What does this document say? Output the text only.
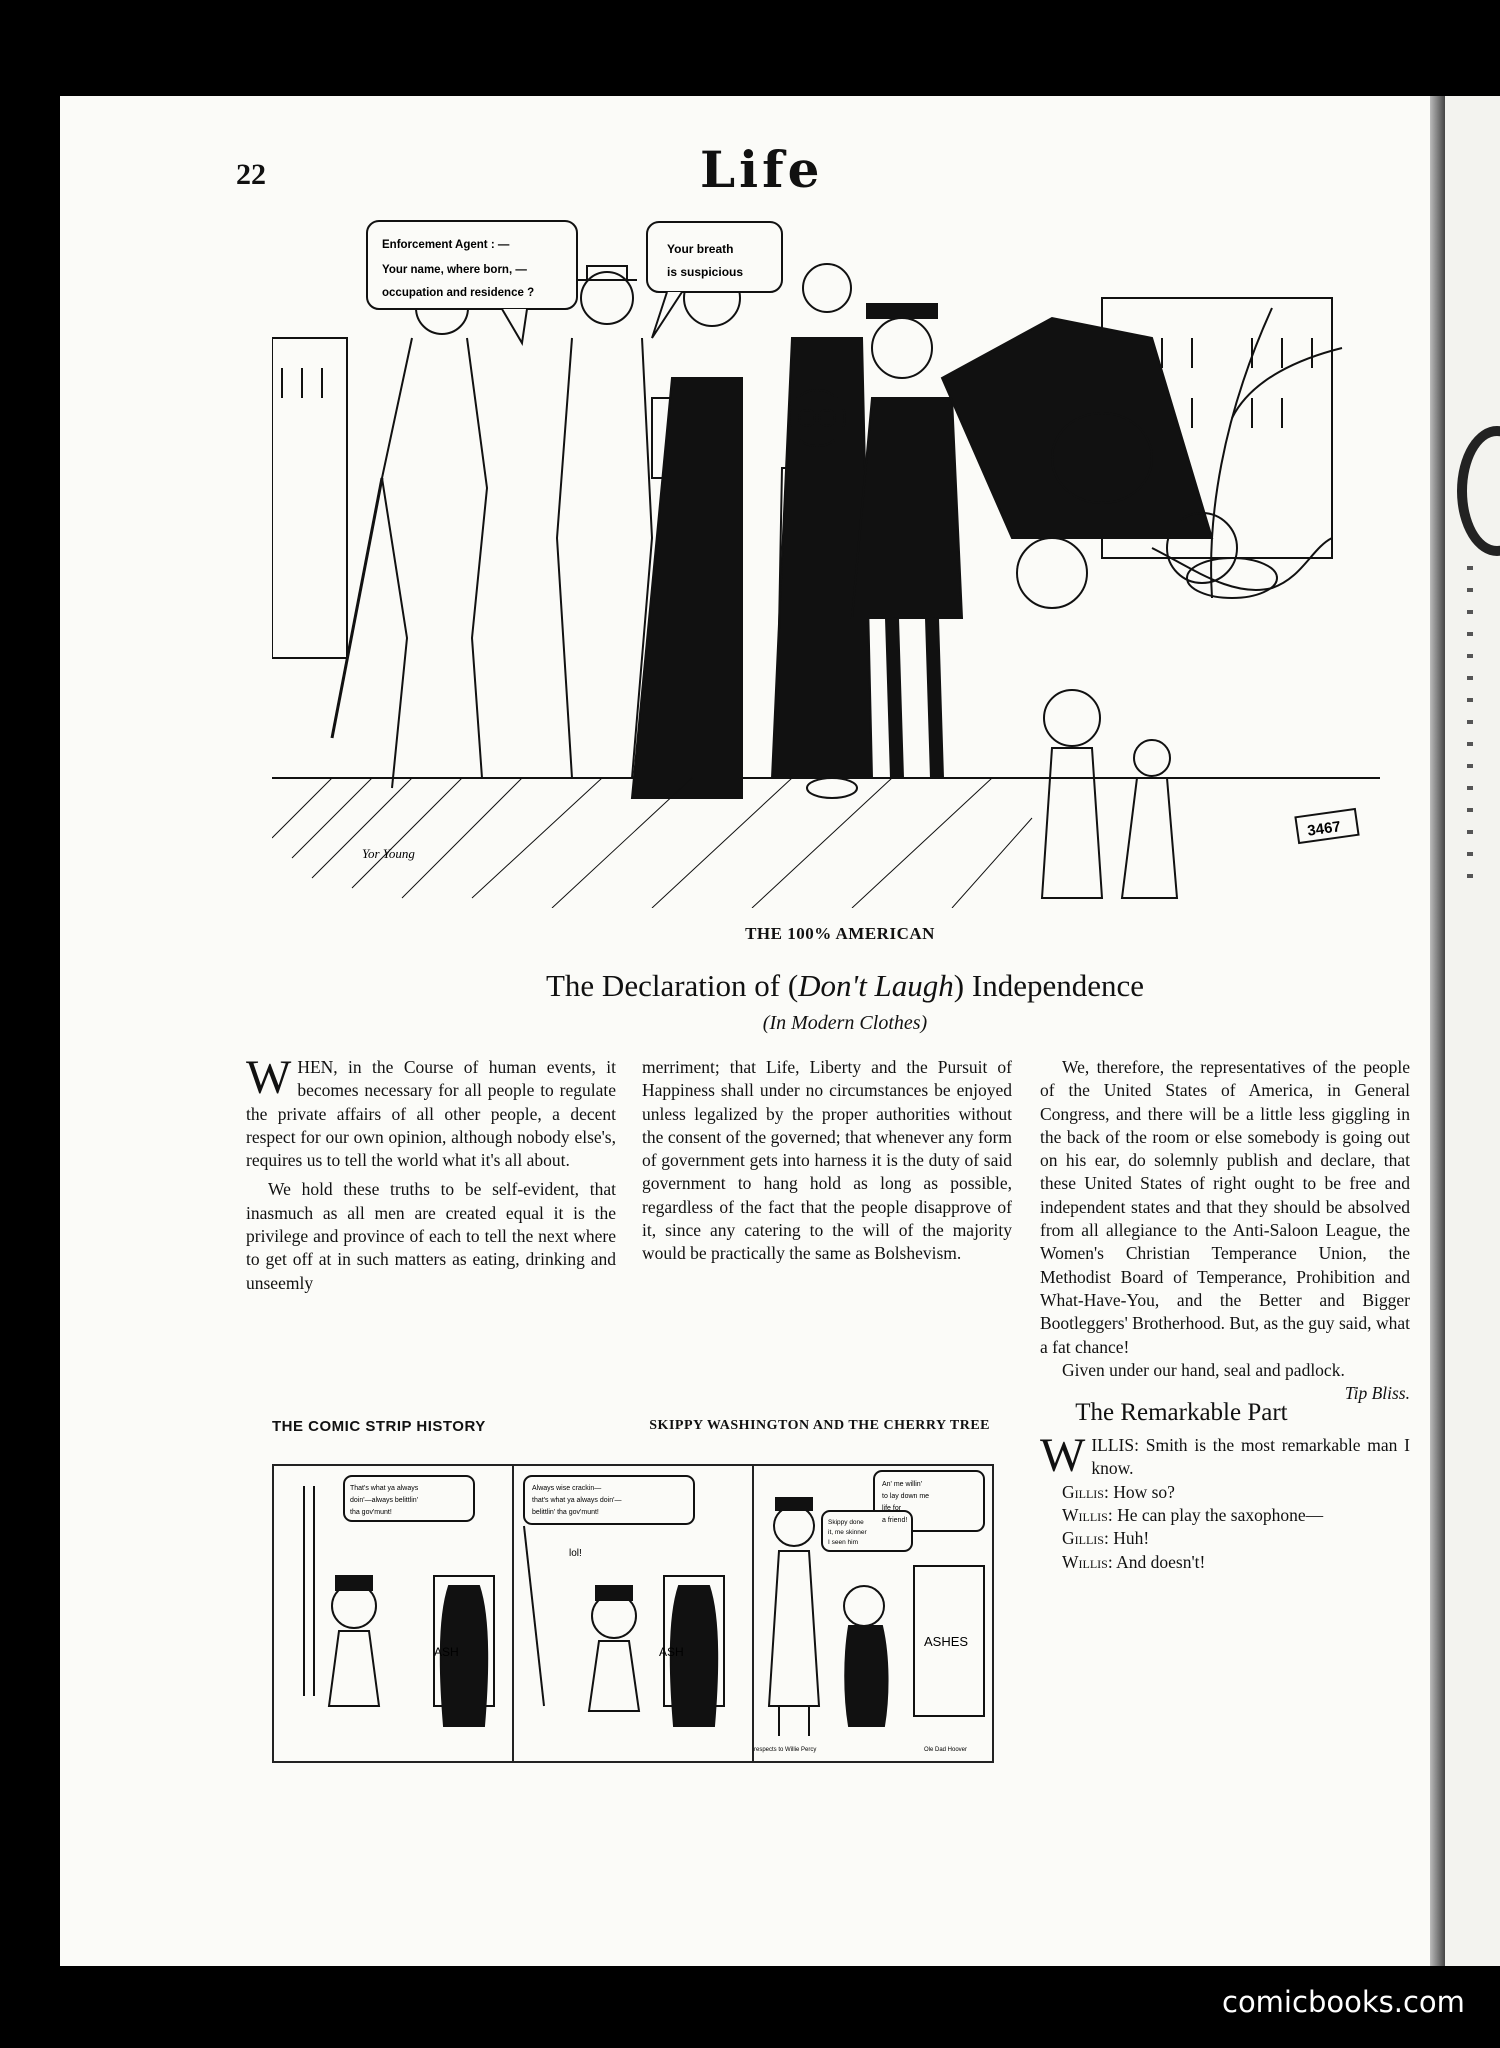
22	Life
Enforcement Agent : —
Your name, where born, —
occupation and residence ?
Your breath
is suspicious
Yor Young
3467
THE 100% AMERICAN
The Declaration of (Don't Laugh) Independence
(In Modern Clothes)

WHEN, in the Course of human events, it becomes necessary for all people to regulate the private affairs of all other people, a decent respect for our own opinion, although nobody else's, requires us to tell the world what it's all about.

We hold these truths to be self-evident, that inasmuch as all men are created equal it is the privilege and province of each to tell the next where to get off at in such matters as eating, drinking and unseemly

merriment; that Life, Liberty and the Pursuit of Happiness shall under no circumstances be enjoyed unless legalized by the proper authorities without the consent of the governed; that whenever any form of government gets into harness it is the duty of said government to hang hold as long as possible, regardless of the fact that the people disapprove of it, since any catering to the will of the majority would be practically the same as Bolshevism.

We, therefore, the representatives of the people of the United States of America, in General Congress, and there will be a little less giggling in the back of the room or else somebody is going out on his ear, do solemnly publish and declare, that these United States of right ought to be free and independent states and that they should be absolved from all allegiance to the Anti-Saloon League, the Women's Christian Temperance Union, the Methodist Board of Temperance, Prohibition and What-Have-You, and the Better and Bigger Bootleggers' Brotherhood. But, as the guy said, what a fat chance!

Given under our hand, seal and padlock.
Tip Bliss.

The Remarkable Part

WILLIS: Smith is the most remarkable man I know.

Gillis: How so?

Willis: He can play the saxophone—

Gillis: Huh!

Willis: And doesn't!

THE COMIC STRIP HISTORY	SKIPPY WASHINGTON AND THE CHERRY TREE
That's what ya always
doin'—always belittlin'
tha gov'munt!
ASH
Always wise crackin—
that's what ya always doin'—
belittlin' tha gov'munt!
lol!
ASH
An' me willin'
to lay down me
life for
a friend!
Skippy done
it, me skinner
I seen him
ASHES
respects to Willie Percy	Ole Dad Hoover
comicbooks.com
